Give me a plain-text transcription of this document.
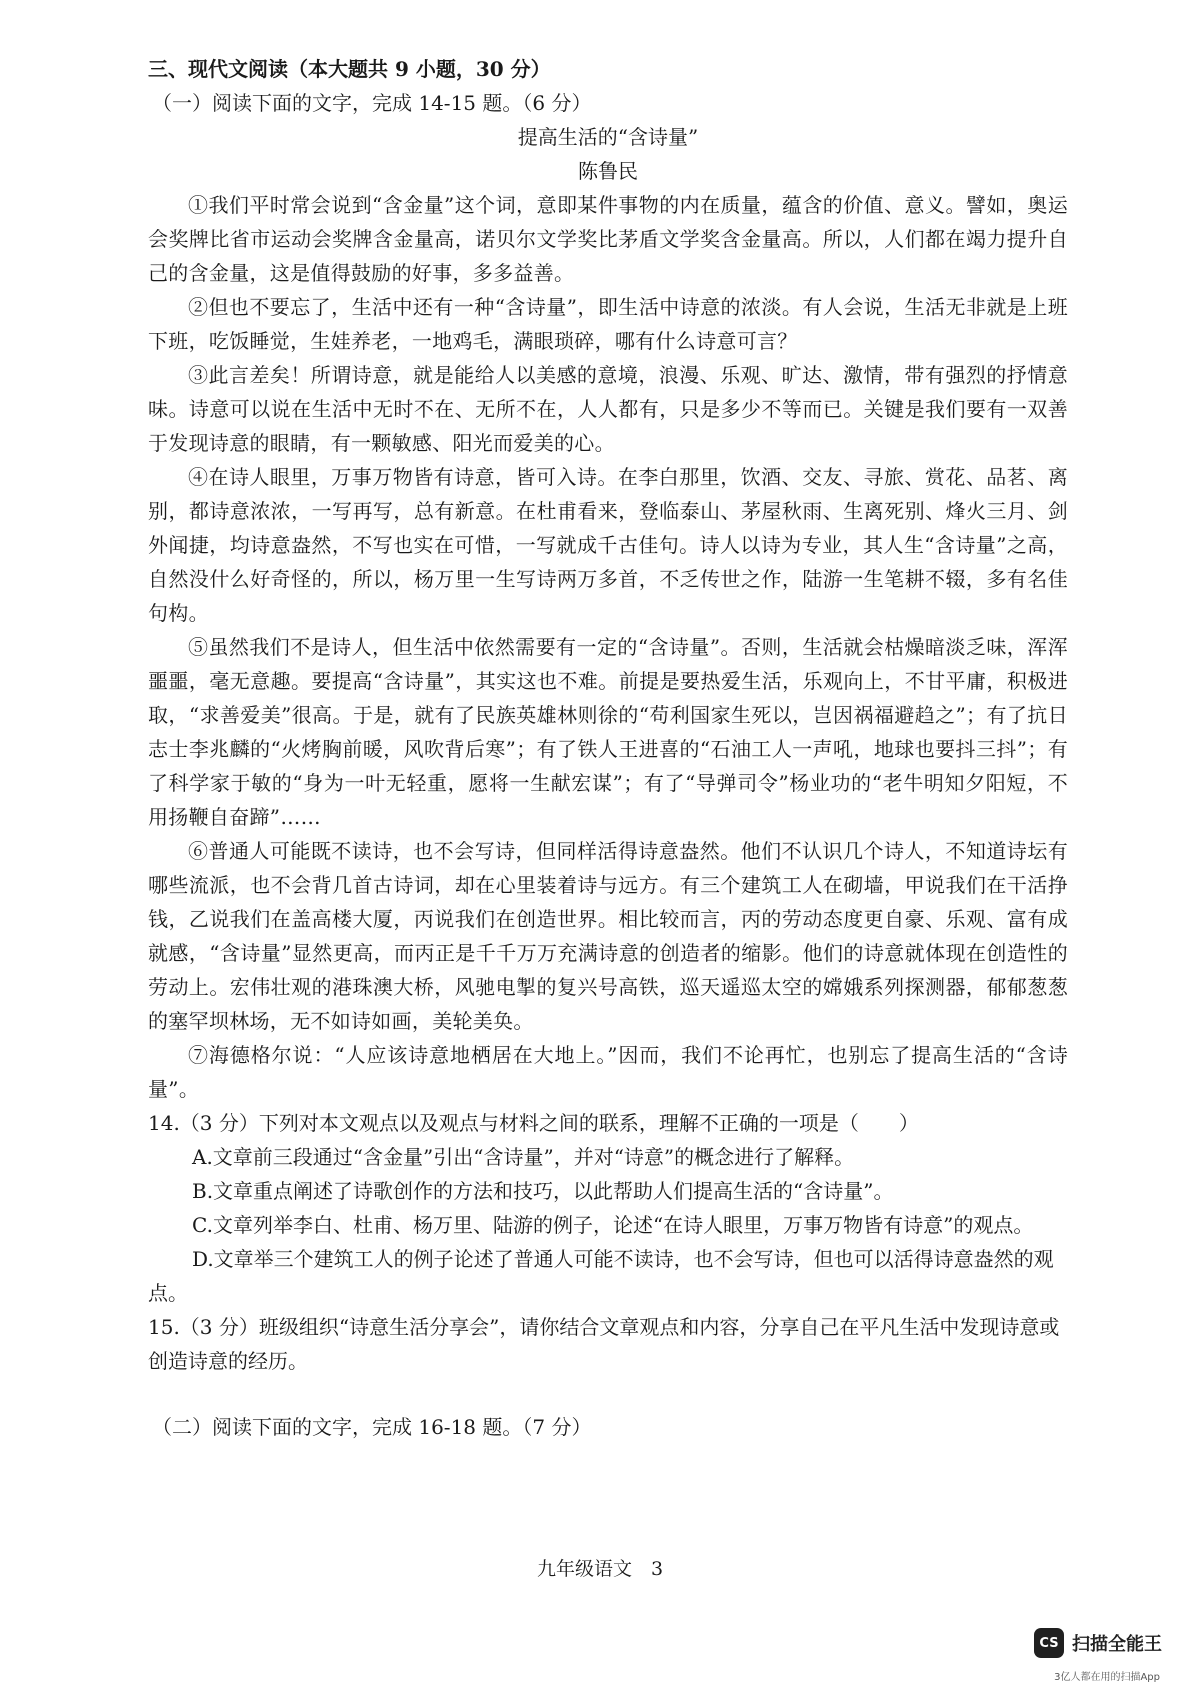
三、现代文阅读（本大题共 9 小题，30 分）
（一）阅读下面的文字，完成 14-15 题。（6 分）
提高生活的“含诗量”
陈鲁民

①我们平时常会说到“含金量”这个词，意即某件事物的内在质量，蕴含的价值、意义。譬如，奥运会奖牌比省市运动会奖牌含金量高，诺贝尔文学奖比茅盾文学奖含金量高。所以，人们都在竭力提升自己的含金量，这是值得鼓励的好事，多多益善。

②但也不要忘了，生活中还有一种“含诗量”，即生活中诗意的浓淡。有人会说，生活无非就是上班下班，吃饭睡觉，生娃养老，一地鸡毛，满眼琐碎，哪有什么诗意可言？

③此言差矣！所谓诗意，就是能给人以美感的意境，浪漫、乐观、旷达、激情，带有强烈的抒情意味。诗意可以说在生活中无时不在、无所不在，人人都有，只是多少不等而已。关键是我们要有一双善于发现诗意的眼睛，有一颗敏感、阳光而爱美的心。

④在诗人眼里，万事万物皆有诗意，皆可入诗。在李白那里，饮酒、交友、寻旅、赏花、品茗、离别，都诗意浓浓，一写再写，总有新意。在杜甫看来，登临泰山、茅屋秋雨、生离死别、烽火三月、剑外闻捷，均诗意盎然，不写也实在可惜，一写就成千古佳句。诗人以诗为专业，其人生“含诗量”之高，自然没什么好奇怪的，所以，杨万里一生写诗两万多首，不乏传世之作，陆游一生笔耕不辍，多有名佳句构。

⑤虽然我们不是诗人，但生活中依然需要有一定的“含诗量”。否则，生活就会枯燥暗淡乏味，浑浑噩噩，毫无意趣。要提高“含诗量”，其实这也不难。前提是要热爱生活，乐观向上，不甘平庸，积极进取，“求善爱美”很高。于是，就有了民族英雄林则徐的“苟利国家生死以，岂因祸福避趋之”；有了抗日志士李兆麟的“火烤胸前暖，风吹背后寒”；有了铁人王进喜的“石油工人一声吼，地球也要抖三抖”；有了科学家于敏的“身为一叶无轻重，愿将一生献宏谋”；有了“导弹司令”杨业功的“老牛明知夕阳短，不用扬鞭自奋蹄”……

⑥普通人可能既不读诗，也不会写诗，但同样活得诗意盎然。他们不认识几个诗人，不知道诗坛有哪些流派，也不会背几首古诗词，却在心里装着诗与远方。有三个建筑工人在砌墙，甲说我们在干活挣钱，乙说我们在盖高楼大厦，丙说我们在创造世界。相比较而言，丙的劳动态度更自豪、乐观、富有成就感，“含诗量”显然更高，而丙正是千千万万充满诗意的创造者的缩影。他们的诗意就体现在创造性的劳动上。宏伟壮观的港珠澳大桥，风驰电掣的复兴号高铁，巡天遥巡太空的嫦娥系列探测器，郁郁葱葱的塞罕坝林场，无不如诗如画，美轮美奂。

⑦海德格尔说：“人应该诗意地栖居在大地上。”因而，我们不论再忙，也别忘了提高生活的“含诗量”。

14.（3 分）下列对本文观点以及观点与材料之间的联系，理解不正确的一项是（　　）

A.文章前三段通过“含金量”引出“含诗量”，并对“诗意”的概念进行了解释。

B.文章重点阐述了诗歌创作的方法和技巧，以此帮助人们提高生活的“含诗量”。

C.文章列举李白、杜甫、杨万里、陆游的例子，论述“在诗人眼里，万事万物皆有诗意”的观点。

D.文章举三个建筑工人的例子论述了普通人可能不读诗，也不会写诗，但也可以活得诗意盎然的观点。

15.（3 分）班级组织“诗意生活分享会”，请你结合文章观点和内容，分享自己在平凡生活中发现诗意或创造诗意的经历。

（二）阅读下面的文字，完成 16-18 题。（7 分）
九年级语文　3
CS 扫描全能王
3亿人都在用的扫描App
